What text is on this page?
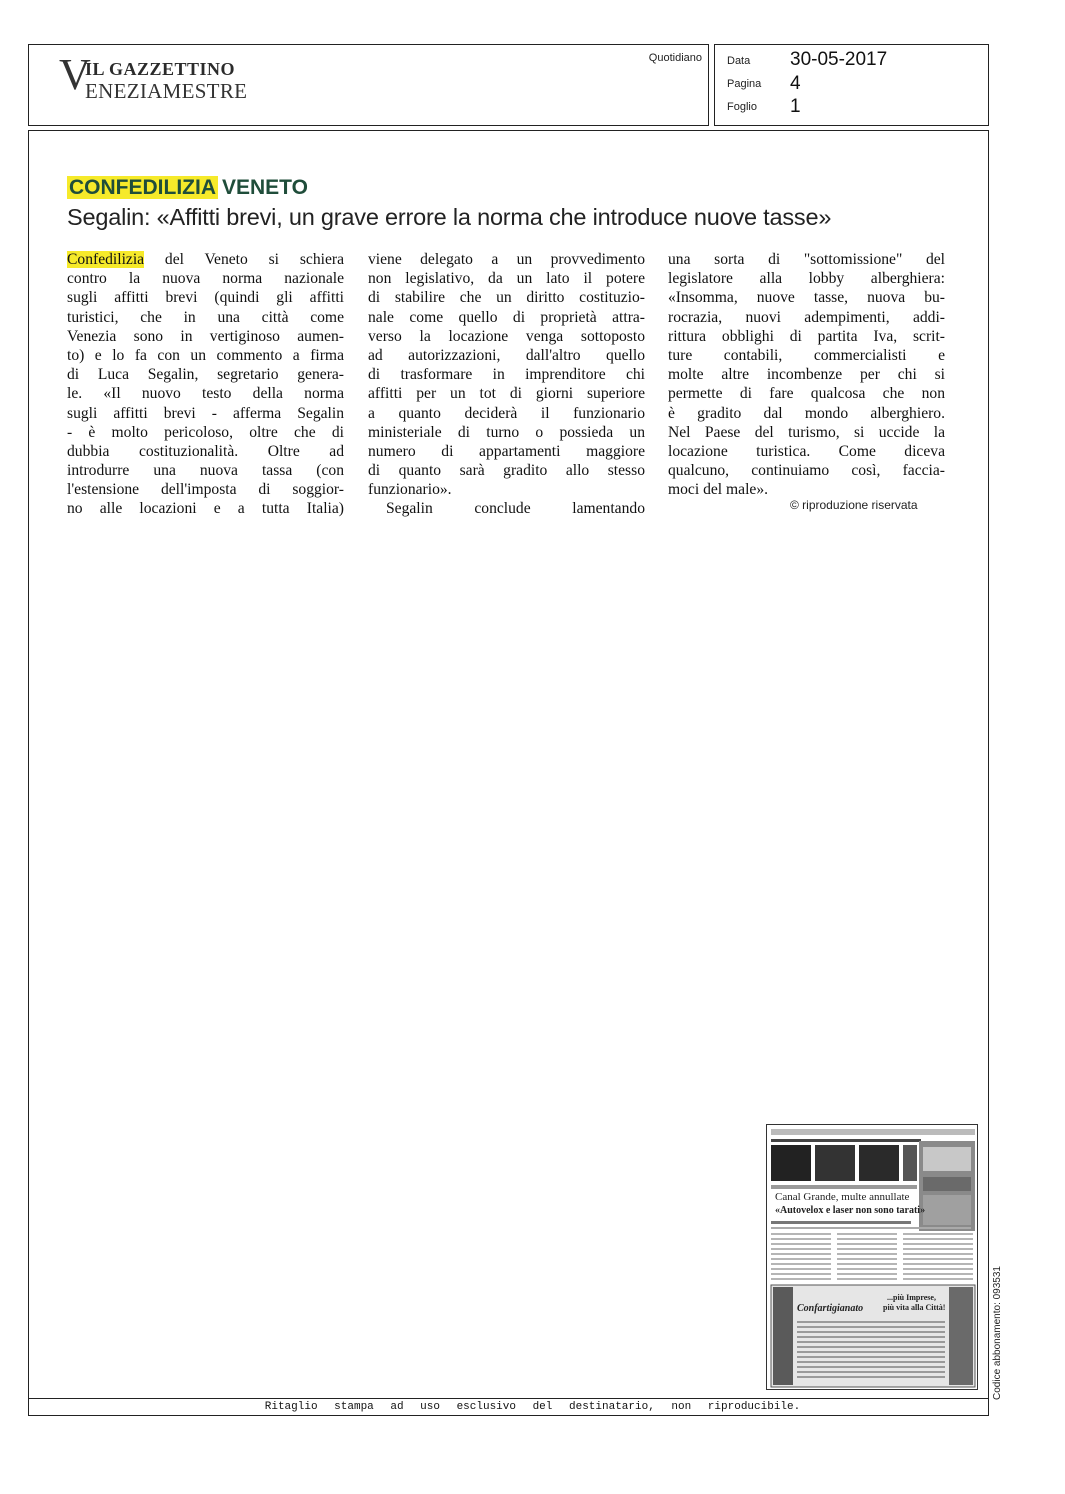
V
IL GAZZETTINO
ENEZIAMESTRE
Quotidiano Data 30-05-2017
Pagina 4
Foglio 1
CONFEDILIZIA VENETO
Segalin: «Affitti brevi, un grave errore la norma che introduce nuove tasse»
Confedilizia del Veneto si schiera
contro la nuova norma nazionale
sugli affitti brevi (quindi gli affitti
turistici, che in una città come
Venezia sono in vertiginoso aumen-
to) e lo fa con un commento a firma
di Luca Segalin, segretario genera-
le. «Il nuovo testo della norma
sugli affitti brevi - afferma Segalin
- è molto pericoloso, oltre che di
dubbia costituzionalità. Oltre ad
introdurre una nuova tassa (con
l'estensione dell'imposta di soggior-
no alle locazioni e a tutta Italia)
viene delegato a un provvedimento
non legislativo, da un lato il potere
di stabilire che un diritto costituzio-
nale come quello di proprietà attra-
verso la locazione venga sottoposto
ad autorizzazioni, dall'altro quello
di trasformare in imprenditore chi
affitti per un tot di giorni superiore
a quanto deciderà il funzionario
ministeriale di turno o possieda un
numero di appartamenti maggiore
di quanto sarà gradito allo stesso
funzionario».
Segalin conclude lamentando
una sorta di "sottomissione" del
legislatore alla lobby alberghiera:
«Insomma, nuove tasse, nuova bu-
rocrazia, nuovi adempimenti, addi-
rittura obblighi di partita Iva, scrit-
ture contabili, commercialisti e
molte altre incombenze per chi si
permette di fare qualcosa che non
è gradito dal mondo alberghiero.
Nel Paese del turismo, si uccide la
locazione turistica. Come diceva
qualcuno, continuiamo così, faccia-
moci del male».
© riproduzione riservata
Canal Grande, multe annullate
«Autovelox e laser non sono tarati»
Confartigianato
...più Imprese,
più vita alla Città!	Codice abbonamento: 093531
Ritaglio stampa ad uso esclusivo del destinatario, non riproducibile.
